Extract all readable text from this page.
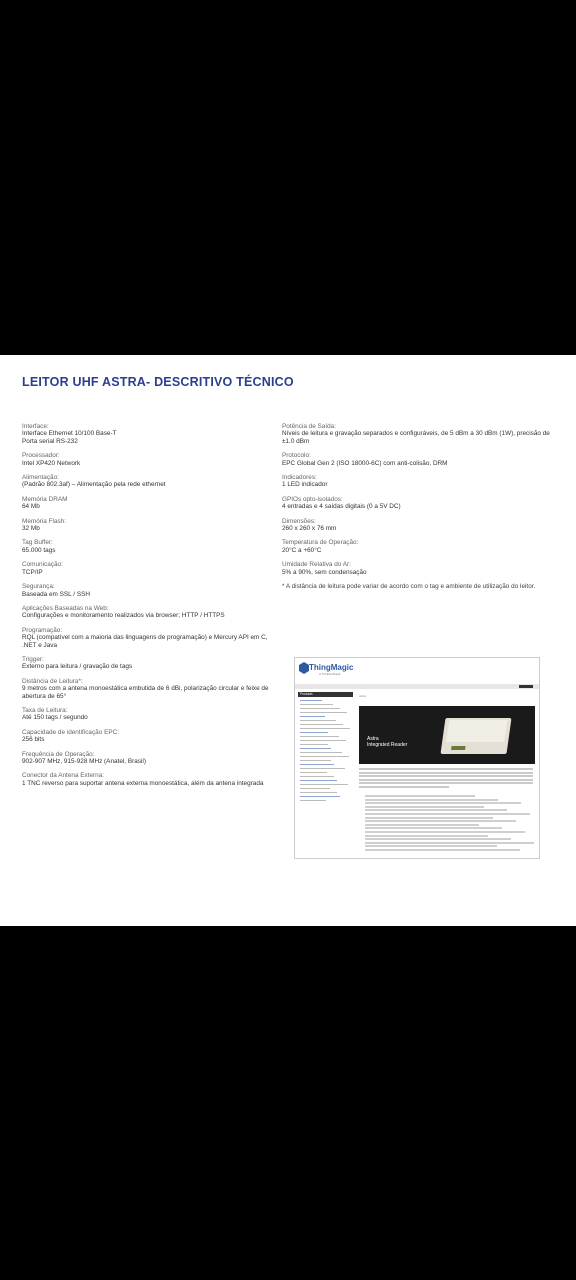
LEITOR UHF ASTRA- DESCRITIVO TÉCNICO
Interface:
Interface Ethernet 10/100 Base-T
Porta serial RS-232
Processador:
Intel XP420 Network
Alimentação:
(Padrão 802.3af) – Alimentação pela rede ethernet
Memória DRAM
64 Mb
Memória Flash:
32 Mb
Tag Buffer:
65.000 tags
Comunicação:
TCP/IP
Segurança:
Baseada em SSL / SSH
Aplicações Baseadas na Web:
Configurações e monitoramento realizados via browser; HTTP / HTTPS
Programação:
RQL (compatível com a maioria das linguagens de programação) e Mercury API em C, .NET e Java
Trigger:
Externo para leitura / gravação de tags
Distância de Leitura*:
9 metros com a antena monoestática embutida de 6 dBi, polarização circular e feixe de abertura de 65°
Taxa de Leitura:
Até 150 tags / segundo
Capacidade de identificação EPC:
256 bits
Frequência de Operação:
902-907 MHz, 915-928 MHz (Anatel, Brasil)
Conector da Antena Externa:
1 TNC reverso para suportar antena externa monoestática, além da antena integrada
Potência de Saída:
Níveis de leitura e gravação separados e configuráveis, de 5 dBm a 30 dBm (1W), precisão de ±1.0 dBm
Protocolo:
EPC Global Gen 2 (ISO 18000-6C) com anti-colisão, DRM
Indicadores:
1 LED indicador
GPIOs opto-isolados:
4 entradas e 4 saídas digitais (0 a 5V DC)
Dimensões:
260 x 260 x 76 mm
Temperatura de Operação:
20°C a +60°C
Umidade Relativa do Ar:
5% a 90%, sem condensação
* A distância de leitura pode variar de acordo com o tag e ambiente de utilização do leitor.
ThingMagic
A Trimble Brand
Products	Astra
Astra
Integrated Reader
